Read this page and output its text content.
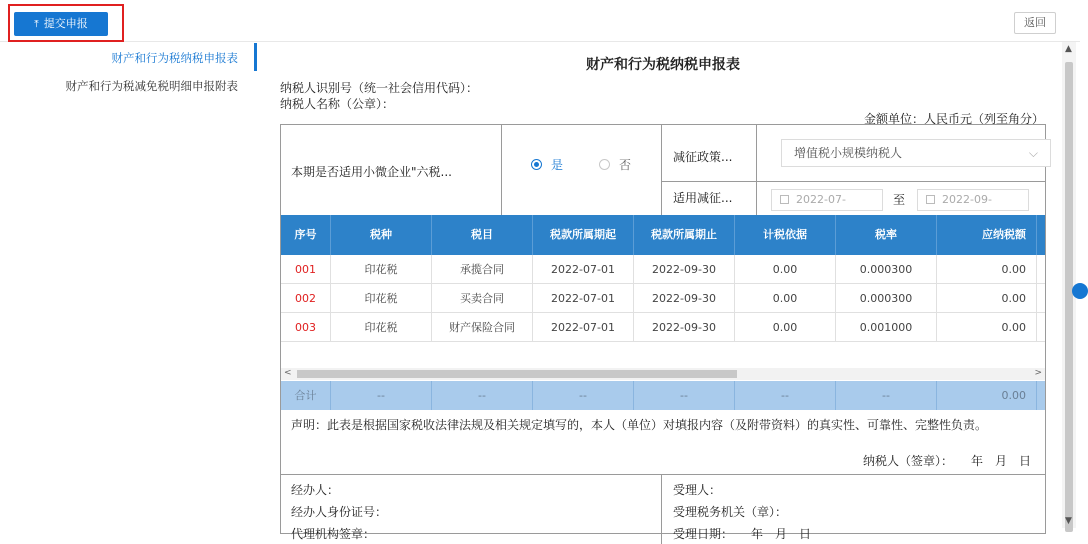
⤒ 提交申报	返回
财产和行为税纳税申报表
财产和行为税减免税明细申报附表
财产和行为税纳税申报表
纳税人识别号（统一社会信用代码）：
纳税人名称（公章）：
金额单位：人民币元（列至角分）
本期是否适用小微企业"六税...	是	否
减征政策...	增值税小规模纳税人	⌵
适用减征...	2022-07-	至	2022-09-
序号	税种	税目	税款所属期起	税款所属期止	计税依据	税率	应纳税额
001	印花税	承揽合同	2022-07-01	2022-09-30	0.00	0.000300	0.00
002	印花税	买卖合同	2022-07-01	2022-09-30	0.00	0.000300	0.00
003	印花税	财产保险合同	2022-07-01	2022-09-30	0.00	0.001000	0.00
<	>
合计	--	--	--	--	--	--	0.00
声明：此表是根据国家税收法律法规及相关规定填写的，本人（单位）对填报内容（及附带资料）的真实性、可靠性、完整性负责。
纳税人（签章）：　　年　月　日
经办人：
经办人身份证号：
代理机构签章：
受理人：
受理税务机关（章）：
受理日期：　　年　月　日
▲
▼
